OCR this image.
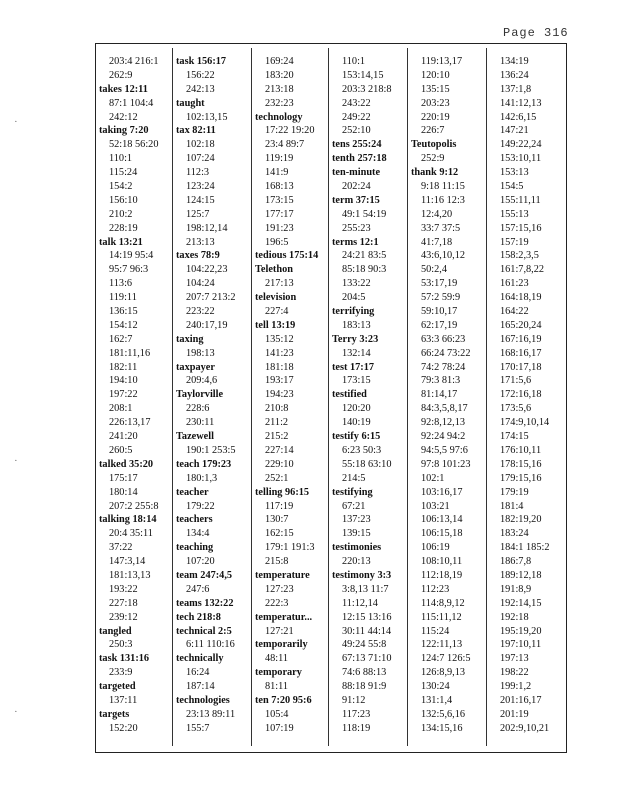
Page 316
·
·
·
203:4 216:1
262:9
takes 12:11
87:1 104:4
242:12
taking 7:20
52:18 56:20
110:1
115:24
154:2
156:10
210:2
228:19
talk 13:21
14:19 95:4
95:7 96:3
113:6
119:11
136:15
154:12
162:7
181:11,16
182:11
194:10
197:22
208:1
226:13,17
241:20
260:5
talked 35:20
175:17
180:14
207:2 255:8
talking 18:14
20:4 35:11
37:22
147:3,14
181:13,13
193:22
227:18
239:12
tangled
250:3
task 131:16
233:9
targeted
137:11
targets
152:20
task 156:17
156:22
242:13
taught
102:13,15
tax 82:11
102:18
107:24
112:3
123:24
124:15
125:7
198:12,14
213:13
taxes 78:9
104:22,23
104:24
207:7 213:2
223:22
240:17,19
taxing
198:13
taxpayer
209:4,6
Taylorville
228:6
230:11
Tazewell
190:1 253:5
teach 179:23
180:1,3
teacher
179:22
teachers
134:4
teaching
107:20
team 247:4,5
247:6
teams 132:22
tech 218:8
technical 2:5
6:11 110:16
technically
16:24
187:14
technologies
23:13 89:11
155:7
169:24
183:20
213:18
232:23
technology
17:22 19:20
23:4 89:7
119:19
141:9
168:13
173:15
177:17
191:23
196:5
tedious 175:14
Telethon
217:13
television
227:4
tell 13:19
135:12
141:23
181:18
193:17
194:23
210:8
211:2
215:2
227:14
229:10
252:1
telling 96:15
117:19
130:7
162:15
179:1 191:3
215:8
temperature
127:23
222:3
temperatur...
127:21
temporarily
48:11
temporary
81:11
ten 7:20 95:6
105:4
107:19
110:1
153:14,15
203:3 218:8
243:22
249:22
252:10
tens 255:24
tenth 257:18
ten-minute
202:24
term 37:15
49:1 54:19
255:23
terms 12:1
24:21 83:5
85:18 90:3
133:22
204:5
terrifying
183:13
Terry 3:23
132:14
test 17:17
173:15
testified
120:20
140:19
testify 6:15
6:23 50:3
55:18 63:10
214:5
testifying
67:21
137:23
139:15
testimonies
220:13
testimony 3:3
3:8,13 11:7
11:12,14
12:15 13:16
30:11 44:14
49:24 55:8
67:13 71:10
74:6 88:13
88:18 91:9
91:12
117:23
118:19
119:13,17
120:10
135:15
203:23
220:19
226:7
Teutopolis
252:9
thank 9:12
9:18 11:15
11:16 12:3
12:4,20
33:7 37:5
41:7,18
43:6,10,12
50:2,4
53:17,19
57:2 59:9
59:10,17
62:17,19
63:3 66:23
66:24 73:22
74:2 78:24
79:3 81:3
81:14,17
84:3,5,8,17
92:8,12,13
92:24 94:2
94:5,5 97:6
97:8 101:23
102:1
103:16,17
103:21
106:13,14
106:15,18
106:19
108:10,11
112:18,19
112:23
114:8,9,12
115:11,12
115:24
122:11,13
124:7 126:5
126:8,9,13
130:24
131:1,4
132:5,6,16
134:15,16
134:19
136:24
137:1,8
141:12,13
142:6,15
147:21
149:22,24
153:10,11
153:13
154:5
155:11,11
155:13
157:15,16
157:19
158:2,3,5
161:7,8,22
161:23
164:18,19
164:22
165:20,24
167:16,19
168:16,17
170:17,18
171:5,6
172:16,18
173:5,6
174:9,10,14
174:15
176:10,11
178:15,16
179:15,16
179:19
181:4
182:19,20
183:24
184:1 185:2
186:7,8
189:12,18
191:8,9
192:14,15
192:18
195:19,20
197:10,11
197:13
198:22
199:1,2
201:16,17
201:19
202:9,10,21
